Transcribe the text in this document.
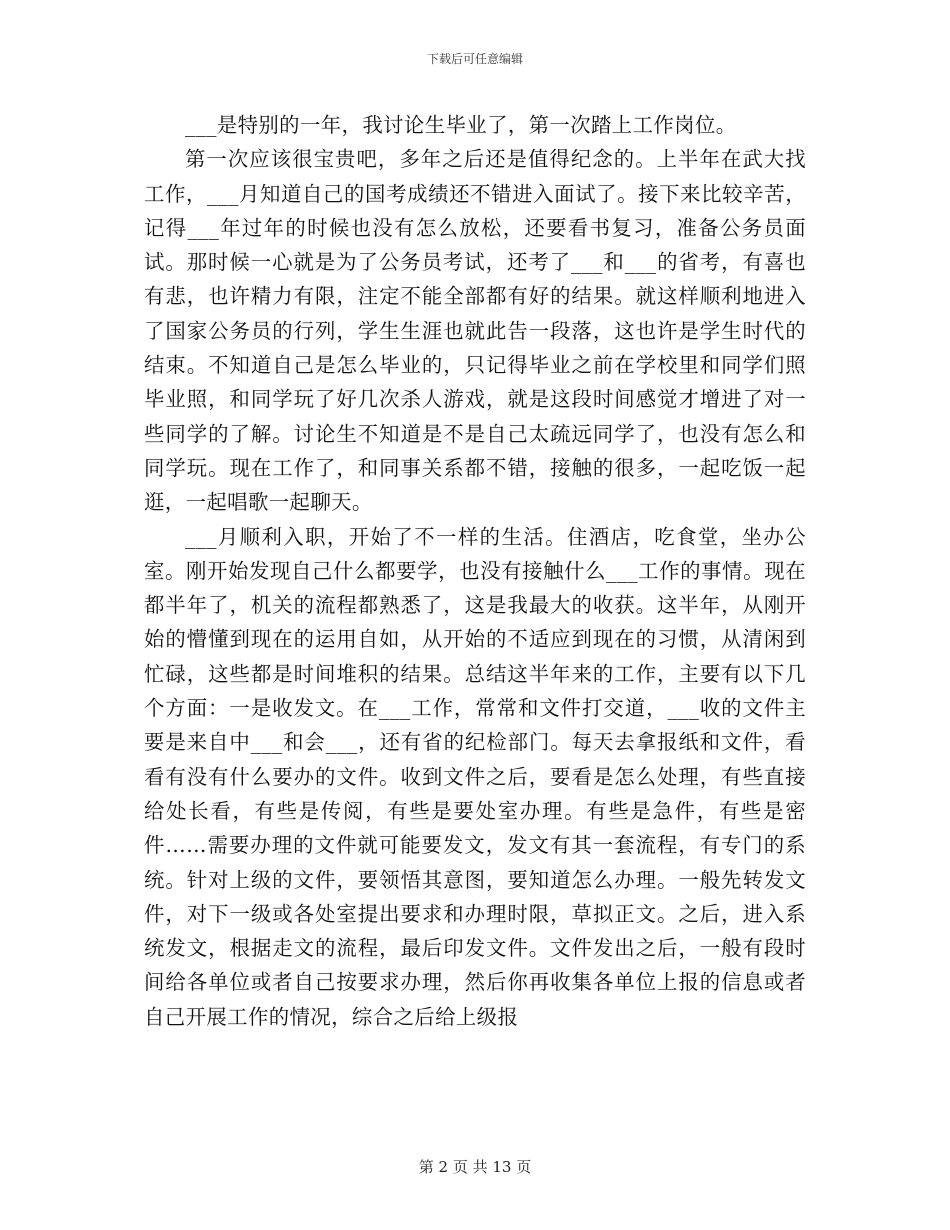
下载后可任意编辑

___是特别的一年，我讨论生毕业了，第一次踏上工作岗位。

第一次应该很宝贵吧，多年之后还是值得纪念的。上半年在武大找工作，___月知道自己的国考成绩还不错进入面试了。接下来比较辛苦，记得___年过年的时候也没有怎么放松，还要看书复习，准备公务员面试。那时候一心就是为了公务员考试，还考了___和___的省考，有喜也有悲，也许精力有限，注定不能全部都有好的结果。就这样顺利地进入了国家公务员的行列，学生生涯也就此告一段落，这也许是学生时代的结束。不知道自己是怎么毕业的，只记得毕业之前在学校里和同学们照毕业照，和同学玩了好几次杀人游戏，就是这段时间感觉才增进了对一些同学的了解。讨论生不知道是不是自己太疏远同学了，也没有怎么和同学玩。现在工作了，和同事关系都不错，接触的很多，一起吃饭一起逛，一起唱歌一起聊天。

___月顺利入职，开始了不一样的生活。住酒店，吃食堂，坐办公室。刚开始发现自己什么都要学，也没有接触什么___工作的事情。现在都半年了，机关的流程都熟悉了，这是我最大的收获。这半年，从刚开始的懵懂到现在的运用自如，从开始的不适应到现在的习惯，从清闲到忙碌，这些都是时间堆积的结果。总结这半年来的工作，主要有以下几个方面：一是收发文。在___工作，常常和文件打交道，___收的文件主要是来自中___和会___，还有省的纪检部门。每天去拿报纸和文件，看看有没有什么要办的文件。收到文件之后，要看是怎么处理，有些直接给处长看，有些是传阅，有些是要处室办理。有些是急件，有些是密件……需要办理的文件就可能要发文，发文有其一套流程，有专门的系统。针对上级的文件，要领悟其意图，要知道怎么办理。一般先转发文件，对下一级或各处室提出要求和办理时限，草拟正文。之后，进入系统发文，根据走文的流程，最后印发文件。文件发出之后，一般有段时间给各单位或者自己按要求办理，然后你再收集各单位上报的信息或者自己开展工作的情况，综合之后给上级报

第 2 页 共 13 页
